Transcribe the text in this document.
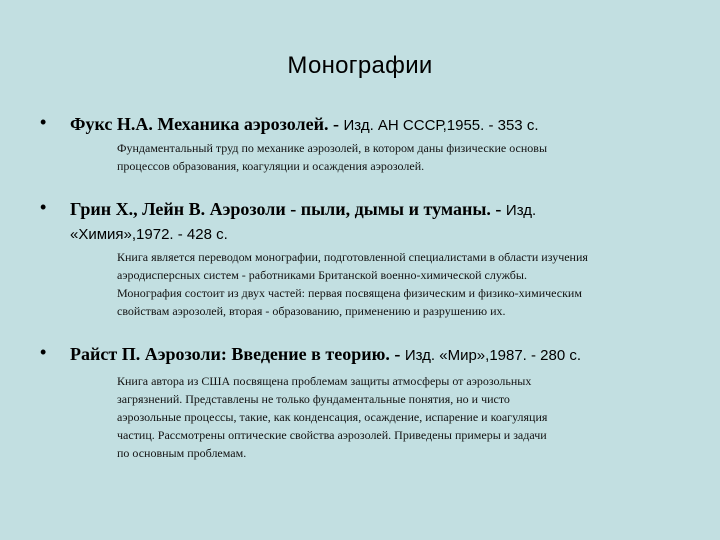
Монографии
• Фукс Н.А. Механика аэрозолей. - Изд. АН СССР,1955. - 353 с.
Фундаментальный труд по механике аэрозолей, в котором даны физические основы
процессов образования, коагуляции и осаждения аэрозолей.
• Грин Х., Лейн В. Аэрозоли - пыли, дымы и туманы. - Изд.
«Химия»,1972. - 428 с.
Книга является переводом монографии, подготовленной специалистами в области изучения
аэродисперсных систем - работниками Британской военно-химической службы.
Монография состоит из двух частей: первая посвящена физическим и физико-химическим
свойствам аэрозолей, вторая - образованию, применению и разрушению их.
• Райст П. Аэрозоли: Введение в теорию. - Изд. «Мир»,1987. - 280 с.
Книга автора из США посвящена проблемам защиты атмосферы от аэрозольных
загрязнений. Представлены не только фундаментальные понятия, но и чисто
аэрозольные процессы, такие, как конденсация, осаждение, испарение и коагуляция
частиц. Рассмотрены оптические свойства аэрозолей. Приведены примеры и задачи
по основным проблемам.
